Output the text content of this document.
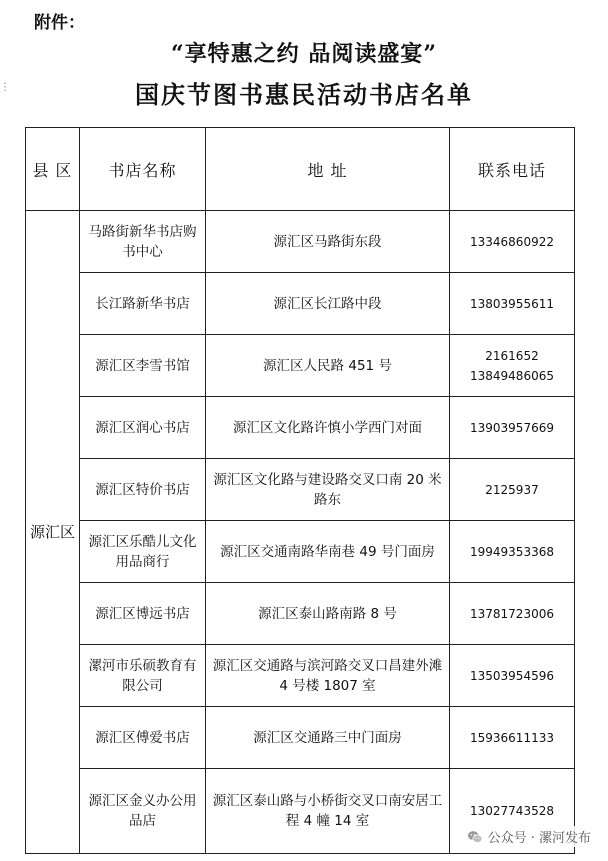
附件：
⋮
“享特惠之约 品阅读盛宴”
国庆节图书惠民活动书店名单
县 区	书店名称	地 址	联系电话
源汇区	马路街新华书店购书中心	源汇区马路街东段	13346860922
	长江路新华书店	源汇区长江路中段	13803955611
	源汇区李雪书馆	源汇区人民路 451 号	2161652 13849486065
	源汇区润心书店	源汇区文化路许慎小学西门对面	13903957669
	源汇区特价书店	源汇区文化路与建设路交叉口南 20 米路东	2125937
	源汇区乐酷儿文化用品商行	源汇区交通南路华南巷 49 号门面房	19949353368
	源汇区博远书店	源汇区泰山路南路 8 号	13781723006
	漯河市乐硕教育有限公司	源汇区交通路与滨河路交叉口昌建外滩 4 号楼 1807 室	13503954596
	源汇区傅爱书店	源汇区交通路三中门面房	15936611133
	源汇区金义办公用品店	源汇区泰山路与小桥街交叉口南安居工程 4 幢 14 室	13027743528
公众号 · 漯河发布
